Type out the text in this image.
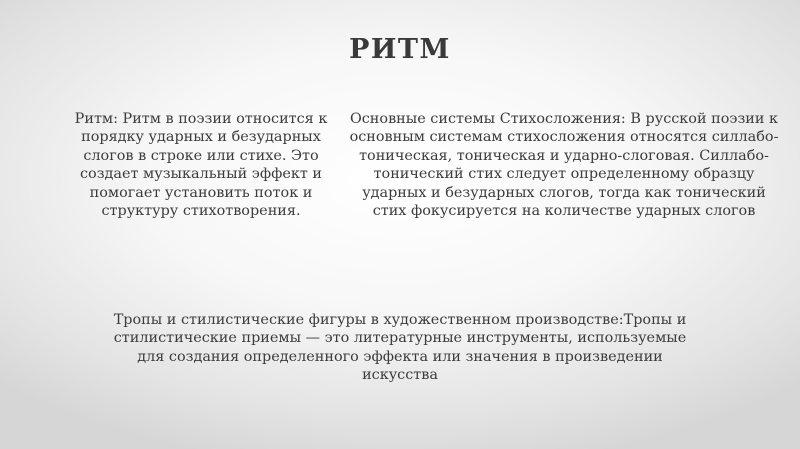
РИТМ
Ритм: Ритм в поэзии относится к порядку ударных и безударных слогов в строке или стихе. Это создает музыкальный эффект и помогает установить поток и структуру стихотворения.
Основные системы Стихосложения: В русской поэзии к основным системам стихосложения относятся силлабо-тоническая, тоническая и ударно-слоговая. Силлабо-тонический стих следует определенному образцу ударных и безударных слогов, тогда как тонический стих фокусируется на количестве ударных слогов
Тропы и стилистические фигуры в художественном производстве:Тропы и стилистические приемы — это литературные инструменты, используемые для создания определенного эффекта или значения в произведении искусства
